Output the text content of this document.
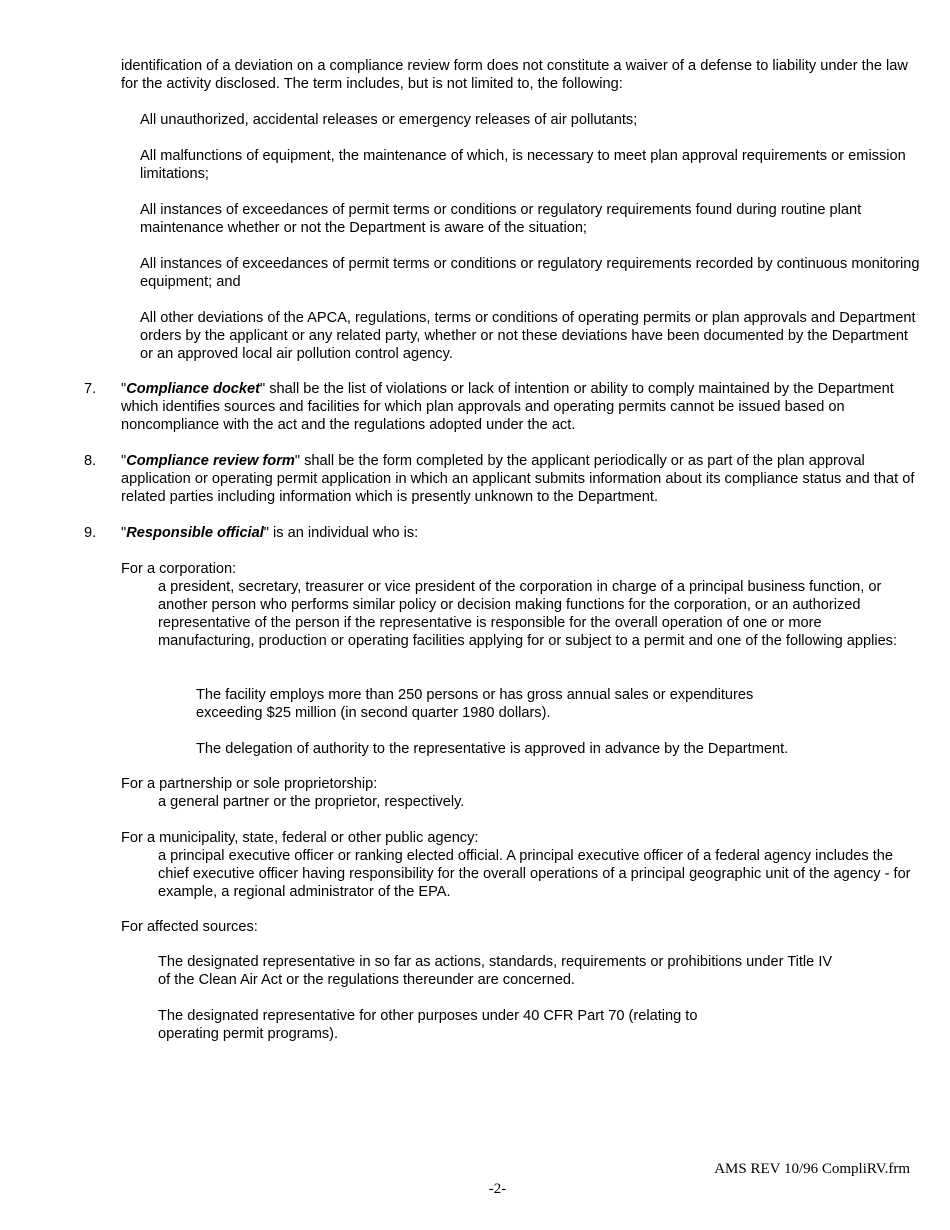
identification of a deviation on a compliance review form does not constitute a waiver of a defense to liability under the law for the activity disclosed. The term includes, but is not limited to, the following:

All unauthorized, accidental releases or emergency releases of air pollutants;

All malfunctions of equipment, the maintenance of which, is necessary to meet plan approval requirements or emission limitations;

All instances of exceedances of permit terms or conditions or regulatory requirements found during routine plant maintenance whether or not the Department is aware of the situation;

All instances of exceedances of permit terms or conditions or regulatory requirements recorded by continuous monitoring equipment; and

All other deviations of the APCA, regulations, terms or conditions of operating permits or plan approvals and Department orders by the applicant or any related party, whether or not these deviations have been documented by the Department or an approved local air pollution control agency.

7. "Compliance docket" shall be the list of violations or lack of intention or ability to comply maintained by the Department which identifies sources and facilities for which plan approvals and operating permits cannot be issued based on noncompliance with the act and the regulations adopted under the act.

8. "Compliance review form" shall be the form completed by the applicant periodically or as part of the plan approval application or operating permit application in which an applicant submits information about its compliance status and that of related parties including information which is presently unknown to the Department.

9. "Responsible official" is an individual who is:

For a corporation:

a president, secretary, treasurer or vice president of the corporation in charge of a principal business function, or another person who performs similar policy or decision making functions for the corporation, or an authorized representative of the person if the representative is responsible for the overall operation of one or more manufacturing, production or operating facilities applying for or subject to a permit and one of the following applies:

The facility employs more than 250 persons or has gross annual sales or expenditures exceeding $25 million (in second quarter 1980 dollars).

The delegation of authority to the representative is approved in advance by the Department.

For a partnership or sole proprietorship:

a general partner or the proprietor, respectively.

For a municipality, state, federal or other public agency:

a principal executive officer or ranking elected official. A principal executive officer of a federal agency includes the chief executive officer having responsibility for the overall operations of a principal geographic unit of the agency - for example, a regional administrator of the EPA.

For affected sources:

The designated representative in so far as actions, standards, requirements or prohibitions under Title IV of the Clean Air Act or the regulations thereunder are concerned.

The designated representative for other purposes under 40 CFR Part 70 (relating to operating permit programs).

AMS REV 10/96 CompliRV.frm
-2-
